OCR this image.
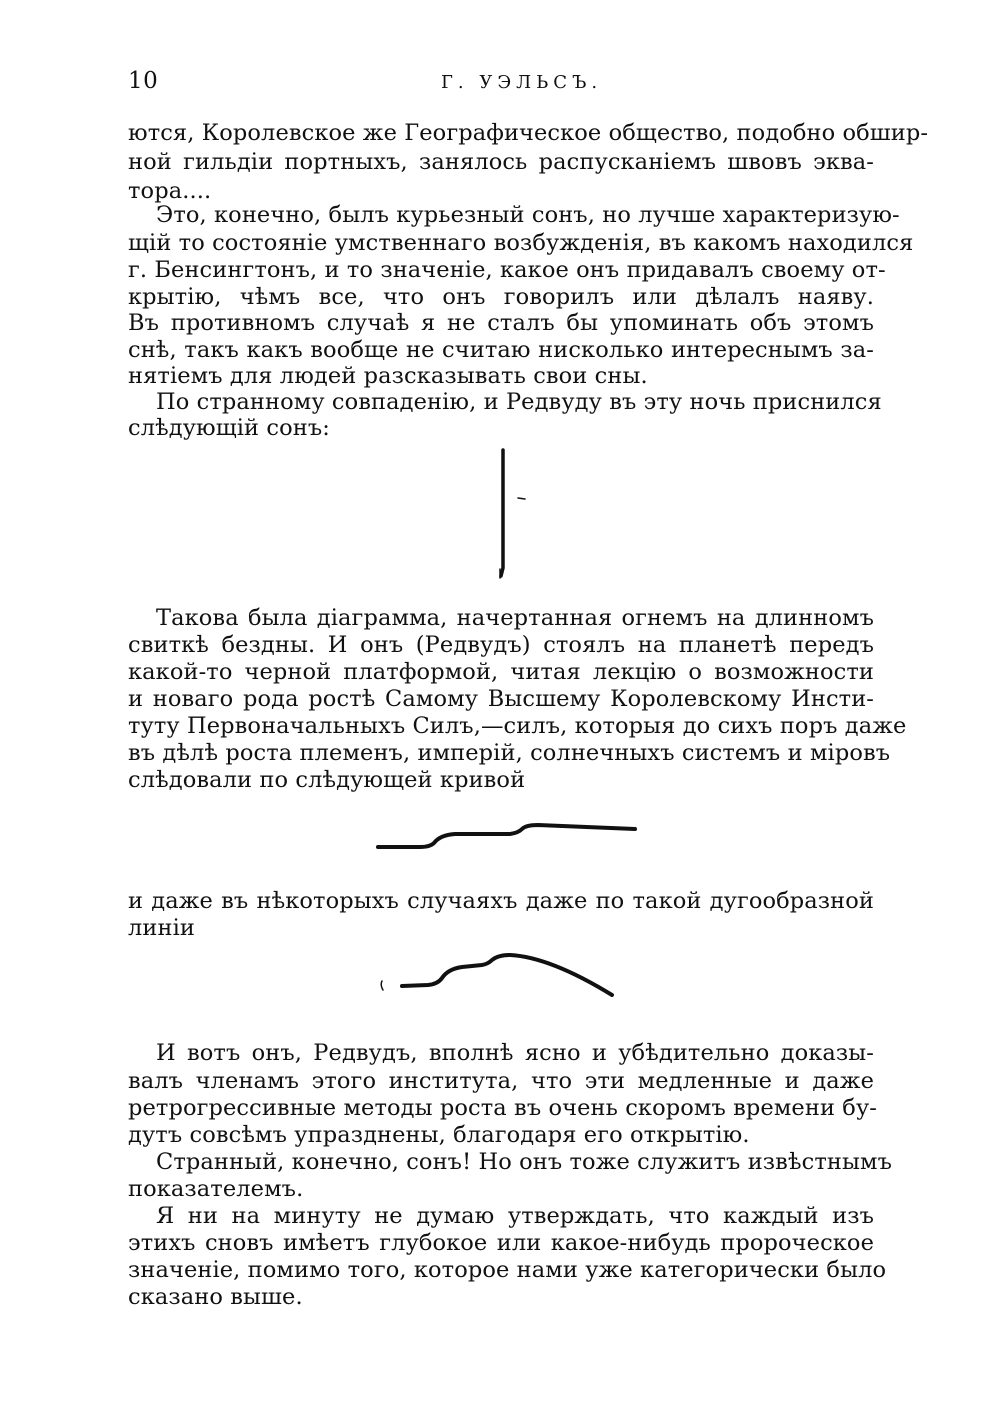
10	Г. УЭЛЬСЪ.
ются, Королевское же Географическое общество, подобно обшир-
ной гильдіи портныхъ, занялось распусканіемъ швовъ эква-
тора....
Это, конечно, былъ курьезный сонъ, но лучше характеризую-
щій то состояніе умственнаго возбужденія, въ какомъ находился
г. Бенсингтонъ, и то значеніе, какое онъ придавалъ своему от-
крытію, чѣмъ все, что онъ говорилъ или дѣлалъ наяву.
Въ противномъ случаѣ я не сталъ бы упоминать объ этомъ
снѣ, такъ какъ вообще не считаю нисколько интереснымъ за-
нятіемъ для людей разсказывать свои сны.
По странному совпаденію, и Редвуду въ эту ночь приснился
слѣдующій сонъ:
Такова была діаграмма, начертанная огнемъ на длинномъ
свиткѣ бездны. И онъ (Редвудъ) стоялъ на планетѣ передъ
какой-то черной платформой, читая лекцію о возможности
и новаго рода ростѣ Самому Высшему Королевскому Инсти-
туту Первоначальныхъ Силъ,—силъ, которыя до сихъ поръ даже
въ дѣлѣ роста племенъ, имперій, солнечныхъ системъ и міровъ
слѣдовали по слѣдующей кривой
и даже въ нѣкоторыхъ случаяхъ даже по такой дугообразной
линіи
И вотъ онъ, Редвудъ, вполнѣ ясно и убѣдительно доказы-
валъ членамъ этого института, что эти медленные и даже
ретрогрессивные методы роста въ очень скоромъ времени бу-
дутъ совсѣмъ упразднены, благодаря его открытію.
Странный, конечно, сонъ! Но онъ тоже служитъ извѣстнымъ
показателемъ.
Я ни на минуту не думаю утверждать, что каждый изъ
этихъ сновъ имѣетъ глубокое или какое-нибудь пророческое
значеніе, помимо того, которое нами уже категорически было
сказано выше.
